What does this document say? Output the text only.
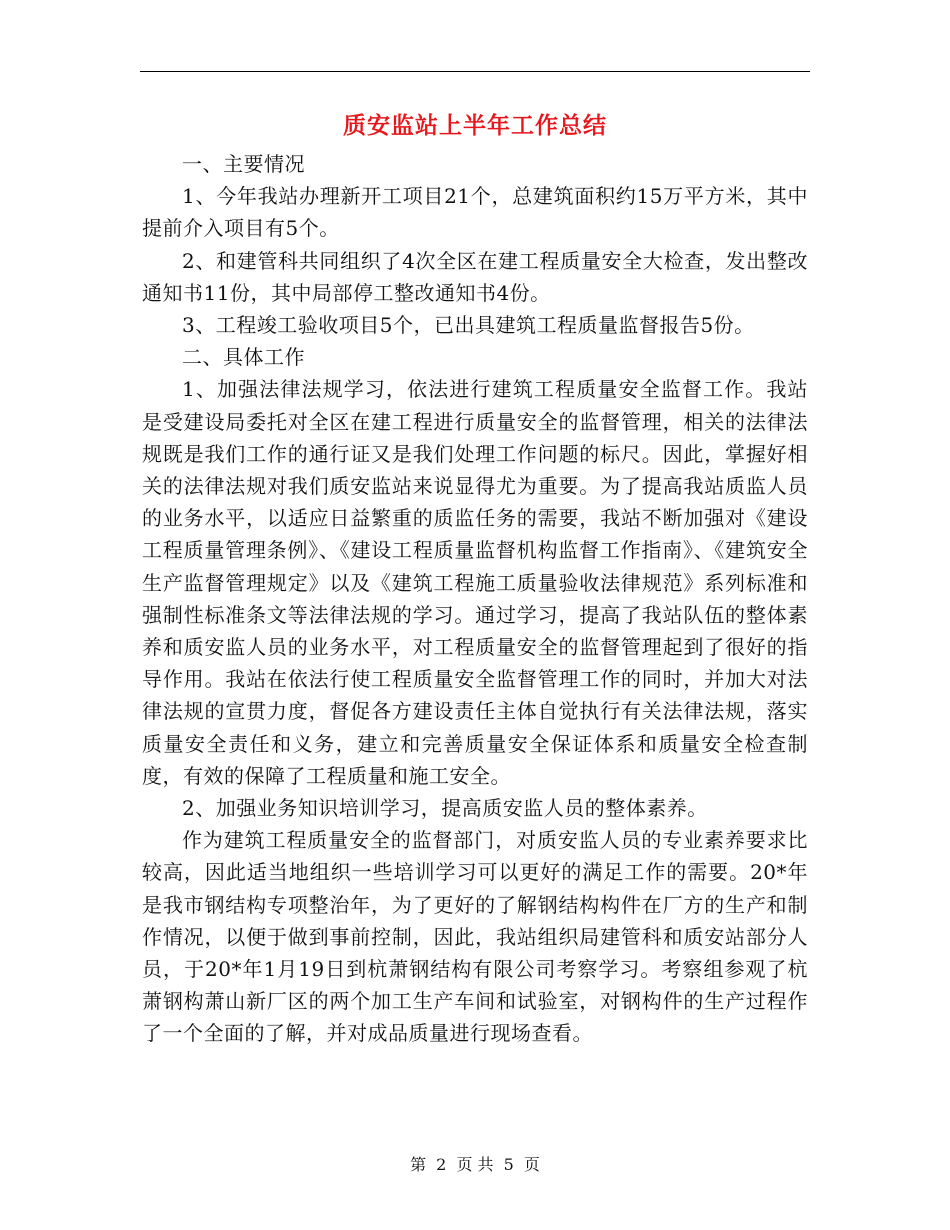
质安监站上半年工作总结

一、主要情况

1、今年我站办理新开工项目21个，总建筑面积约15万平方米，其中提前介入项目有5个。

2、和建管科共同组织了4次全区在建工程质量安全大检查，发出整改通知书11份，其中局部停工整改通知书4份。

3、工程竣工验收项目5个，已出具建筑工程质量监督报告5份。

二、具体工作

1、加强法律法规学习，依法进行建筑工程质量安全监督工作。我站是受建设局委托对全区在建工程进行质量安全的监督管理，相关的法律法规既是我们工作的通行证又是我们处理工作问题的标尺。因此，掌握好相关的法律法规对我们质安监站来说显得尤为重要。为了提高我站质监人员的业务水平，以适应日益繁重的质监任务的需要，我站不断加强对《建设工程质量管理条例》、《建设工程质量监督机构监督工作指南》、《建筑安全生产监督管理规定》以及《建筑工程施工质量验收法律规范》系列标准和强制性标准条文等法律法规的学习。通过学习，提高了我站队伍的整体素养和质安监人员的业务水平，对工程质量安全的监督管理起到了很好的指导作用。我站在依法行使工程质量安全监督管理工作的同时，并加大对法律法规的宣贯力度，督促各方建设责任主体自觉执行有关法律法规，落实质量安全责任和义务，建立和完善质量安全保证体系和质量安全检查制度，有效的保障了工程质量和施工安全。

2、加强业务知识培训学习，提高质安监人员的整体素养。

作为建筑工程质量安全的监督部门，对质安监人员的专业素养要求比较高，因此适当地组织一些培训学习可以更好的满足工作的需要。20*年是我市钢结构专项整治年，为了更好的了解钢结构构件在厂方的生产和制作情况，以便于做到事前控制，因此，我站组织局建管科和质安站部分人员，于20*年1月19日到杭萧钢结构有限公司考察学习。考察组参观了杭萧钢构萧山新厂区的两个加工生产车间和试验室，对钢构件的生产过程作了一个全面的了解，并对成品质量进行现场查看。

第 2 页 共 5 页
